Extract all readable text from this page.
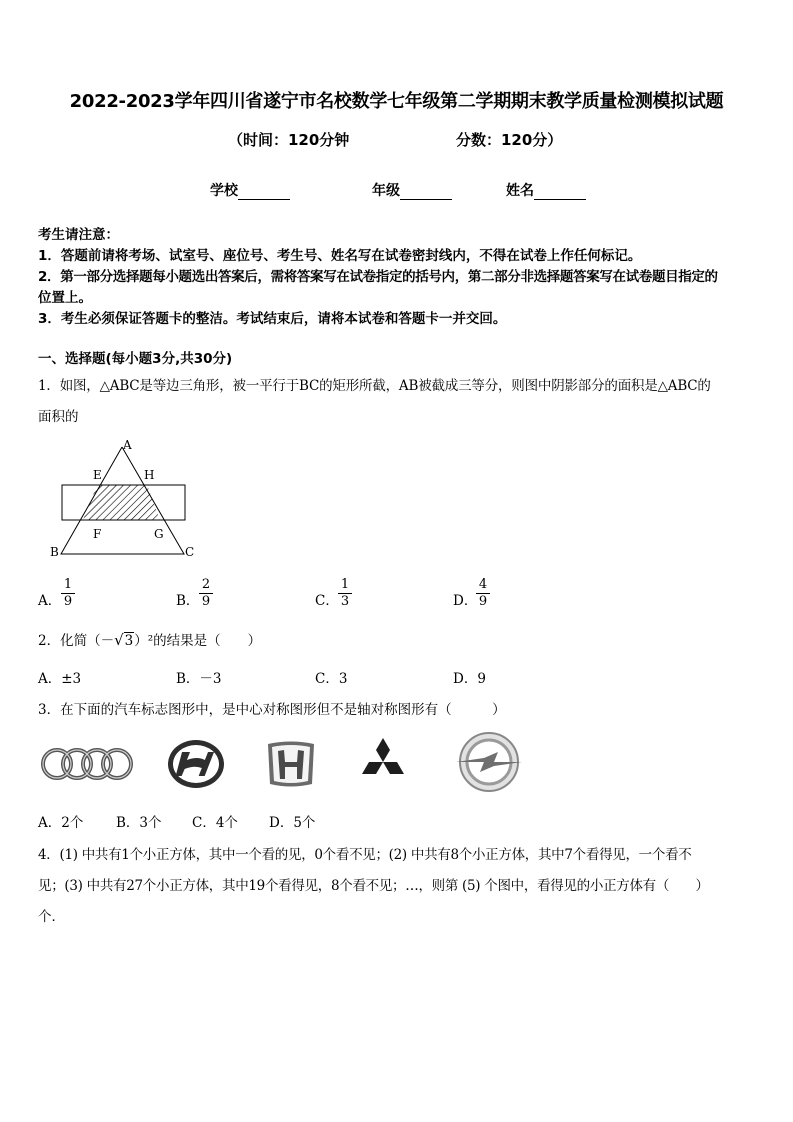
2022-2023学年四川省遂宁市名校数学七年级第二学期期末教学质量检测模拟试题
（时间：120分钟	分数：120分）
学校	年级	姓名
考生请注意：
1．答题前请将考场、试室号、座位号、考生号、姓名写在试卷密封线内，不得在试卷上作任何标记。
2．第一部分选择题每小题选出答案后，需将答案写在试卷指定的括号内，第二部分非选择题答案写在试卷题目指定的
位置上。
3．考生必须保证答题卡的整洁。考试结束后，请将本试卷和答题卡一并交回。
一、选择题(每小题3分,共30分)
1．如图，△ABC是等边三角形，被一平行于BC的矩形所截，AB被截成三等分，则图中阴影部分的面积是△ABC的
面积的
A
E	H
F	G
B	C
A． $\frac{1}{9}$	B． $\frac{2}{9}$	C． $\frac{1}{3}$	D．
$\frac{4}{9}$
2．化简（－√3）²的结果是（　　）
A．±3	B．－3	C．3	D．9
3．在下面的汽车标志图形中，是中心对称图形但不是轴对称图形有（　　　）
A．2个 B．3个 C．4个 D．5个
4．(1) 中共有1个小正方体，其中一个看的见，0个看不见；(2) 中共有8个小正方体，其中7个看得见，一个看不
见；(3) 中共有27个小正方体，其中19个看得见，8个看不见；…，则第 (5) 个图中，看得见的小正方体有（　　）
个．
